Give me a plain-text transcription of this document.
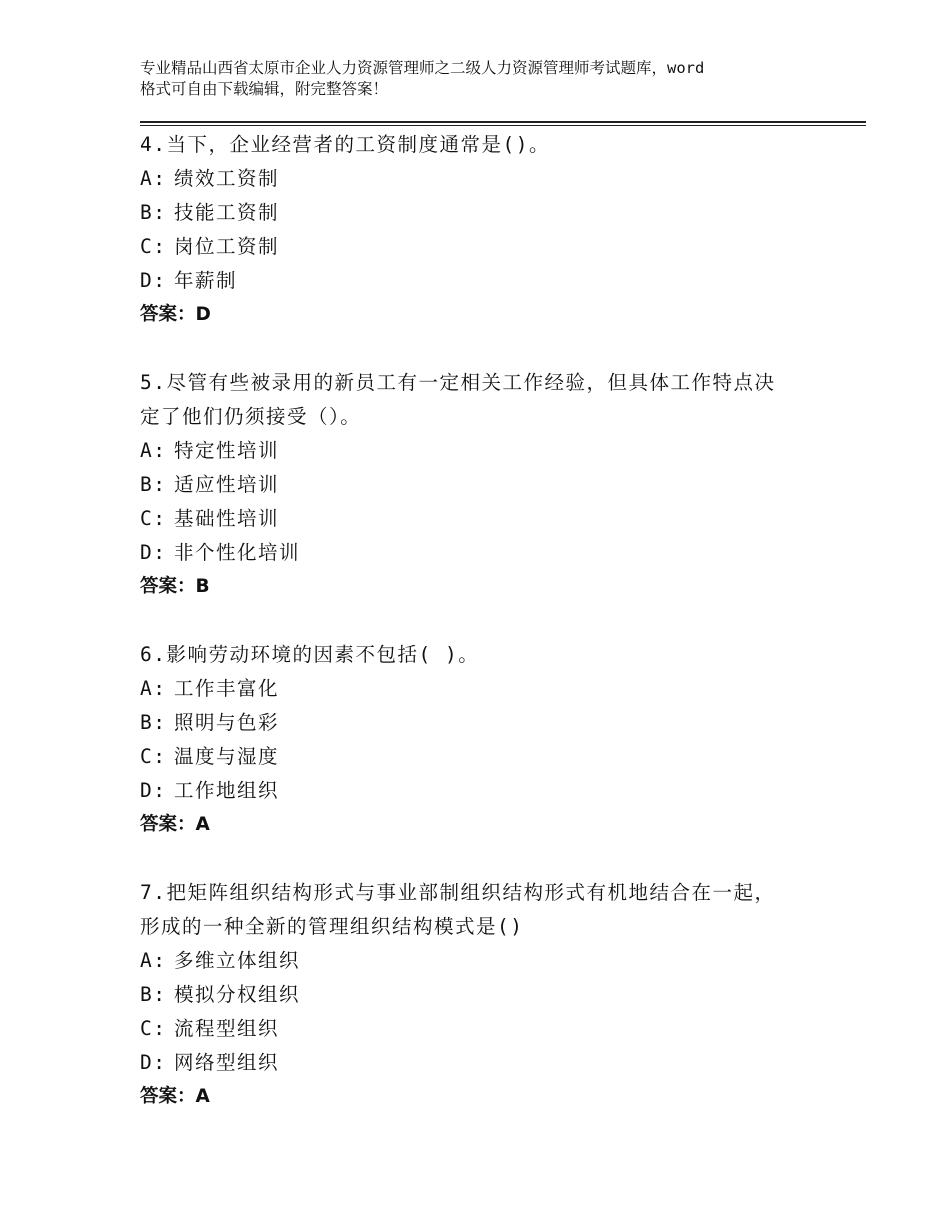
专业精品山西省太原市企业人力资源管理师之二级人力资源管理师考试题库，word
格式可自由下载编辑，附完整答案！
4.当下，企业经营者的工资制度通常是()。
A: 绩效工资制
B: 技能工资制
C: 岗位工资制
D: 年薪制
答案：D
5.尽管有些被录用的新员工有一定相关工作经验，但具体工作特点决
定了他们仍须接受（）。
A: 特定性培训
B: 适应性培训
C: 基础性培训
D: 非个性化培训
答案：B
6.影响劳动环境的因素不包括( )。
A: 工作丰富化
B: 照明与色彩
C: 温度与湿度
D: 工作地组织
答案：A
7.把矩阵组织结构形式与事业部制组织结构形式有机地结合在一起，
形成的一种全新的管理组织结构模式是()
A: 多维立体组织
B: 模拟分权组织
C: 流程型组织
D: 网络型组织
答案：A
